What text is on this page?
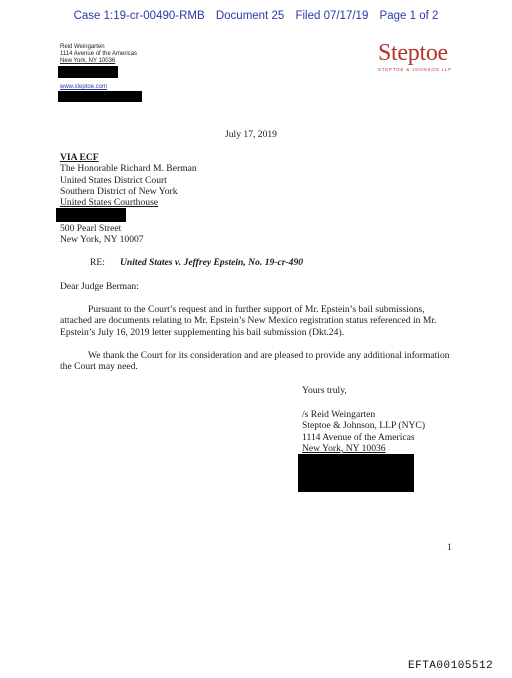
Case 1:19-cr-00490-RMB Document 25 Filed 07/17/19 Page 1 of 2
Reid Weingarten
1114 Avenue of the Americas
New York, NY 10036
www.steptoe.com
Steptoe
STEPTOE & JOHNSON LLP
July 17, 2019
VIA ECF
The Honorable Richard M. Berman
United States District Court
Southern District of New York
United States Courthouse
500 Pearl Street
New York, NY 10007
RE: United States v. Jeffrey Epstein, No. 19-cr-490
Dear Judge Berman:

Pursuant to the Court’s request and in further support of Mr. Epstein’s bail submissions, attached are documents relating to Mr. Epstein’s New Mexico registration status referenced in Mr. Epstein’s July 16, 2019 letter supplementing his bail submission (Dkt.24).

We thank the Court for its consideration and are pleased to provide any additional information the Court may need.

Yours truly,
/s Reid Weingarten
Steptoe & Johnson, LLP (NYC)
1114 Avenue of the Americas
New York, NY 10036
1
EFTA00105512
